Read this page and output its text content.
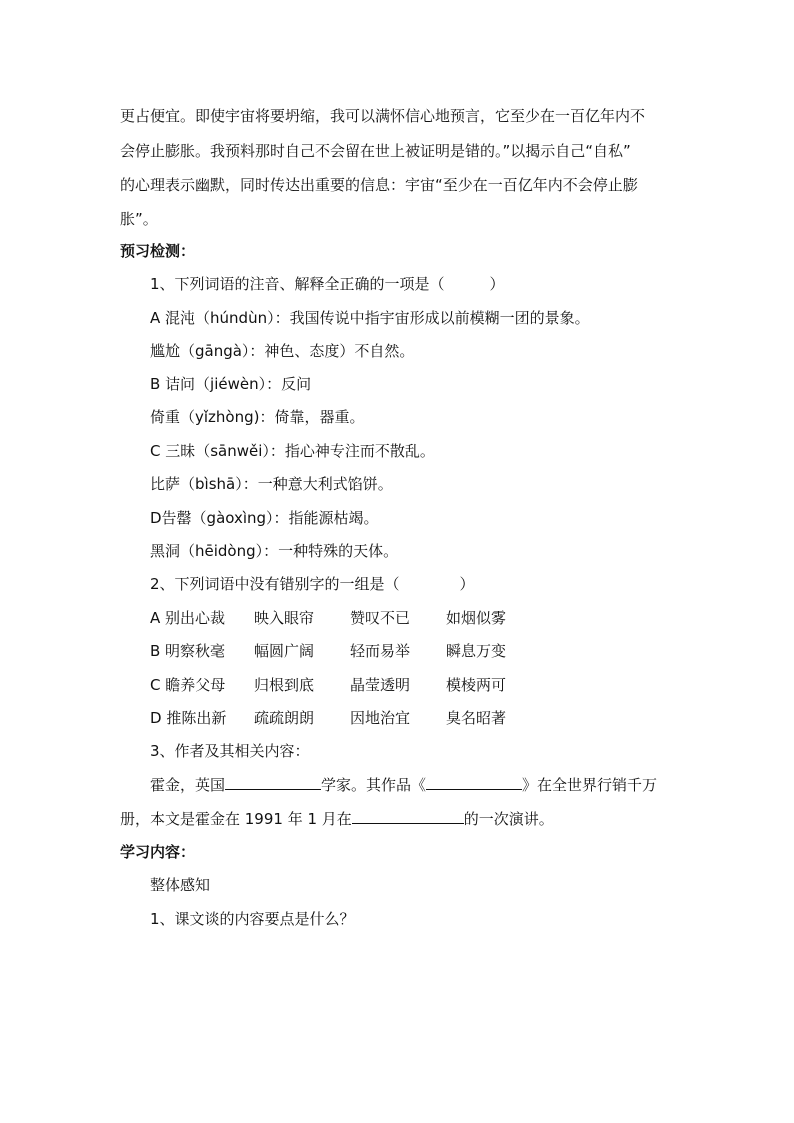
更占便宜。即使宇宙将要坍缩，我可以满怀信心地预言，它至少在一百亿年内不
会停止膨胀。我预料那时自己不会留在世上被证明是错的。”以揭示自己“自私”
的心理表示幽默，同时传达出重要的信息：宇宙“至少在一百亿年内不会停止膨
胀”。
预习检测：
1、下列词语的注音、解释全正确的一项是（　　　）
A 混沌（húndùn）：我国传说中指宇宙形成以前模糊一团的景象。
尴尬（gāngà）：神色、态度）不自然。
B 诘问（jiéwèn）：反问
倚重（yǐzhòng)：倚靠，器重。
C 三昧（sānwěi）：指心神专注而不散乱。
比萨（bìshā）：一种意大利式馅饼。
D告罄（gàoxìng）：指能源枯竭。
黑洞（hēidòng）：一种特殊的天体。
2、下列词语中没有错别字的一组是（　　　　）
A 别出心裁 映入眼帘 赞叹不已 如烟似雾
B 明察秋毫 幅圆广阔 轻而易举 瞬息万变
C 瞻养父母 归根到底 晶莹透明 模棱两可
D 推陈出新 疏疏朗朗 因地治宜 臭名昭著
3、作者及其相关内容：
霍金，英国	学家。其作品《	》在全世界行销千万
册，本文是霍金在 1991 年 1 月在	的一次演讲。
学习内容：
整体感知
1、课文谈的内容要点是什么？
